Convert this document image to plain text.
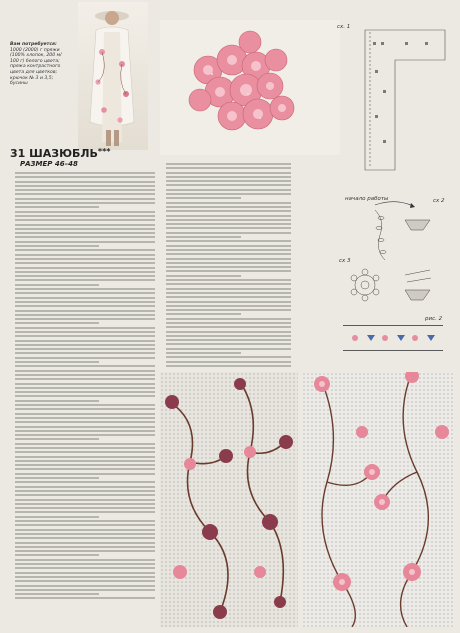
Вам потребуется:
1000 (2000) г пряжи
(100% хлопок, 200 м/
100 г) белого цвета;
пряжа контрастного
цвета для цветков;
крючок № 3 и 3,5;
бусины
31 ШАЗЮБЛЬ***
РАЗМЕР 46–48
сх. 1
начало работы	сх 2
сх 3
рис. 2
